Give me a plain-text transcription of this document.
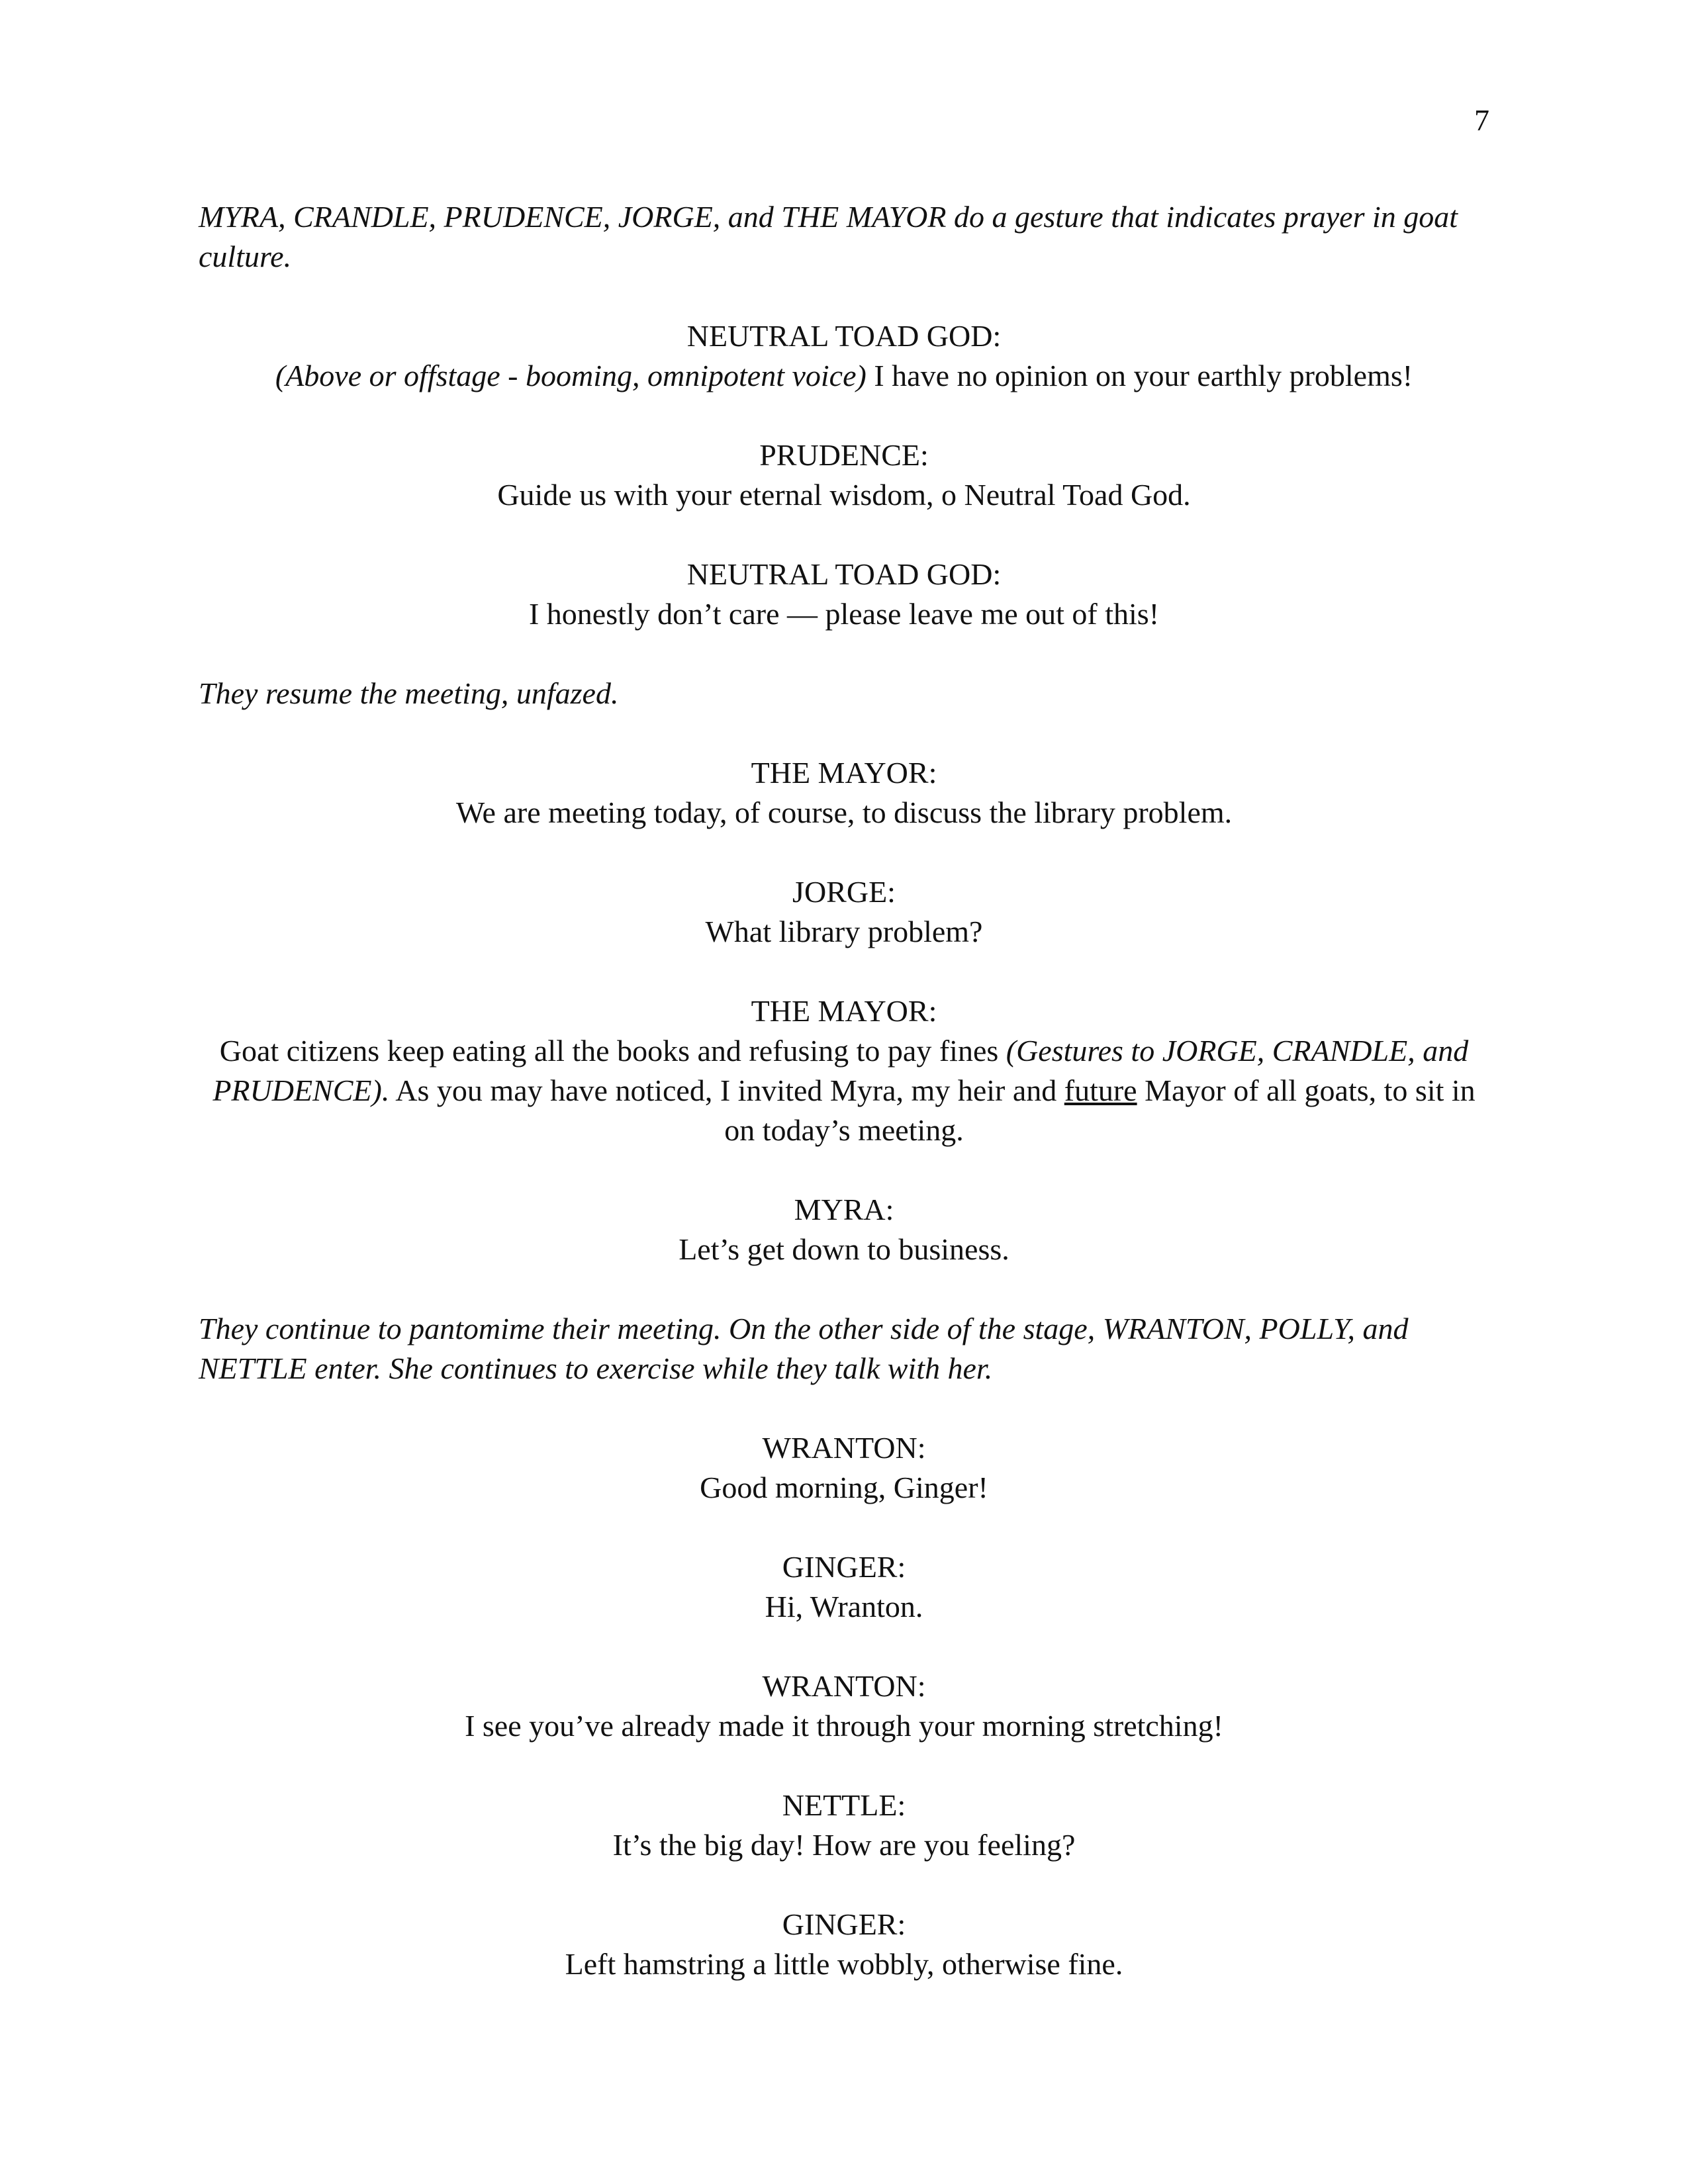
7

MYRA, CRANDLE, PRUDENCE, JORGE, and THE MAYOR do a gesture that indicates prayer in goat culture.

NEUTRAL TOAD GOD:
(Above or offstage - booming, omnipotent voice) I have no opinion on your earthly problems!
PRUDENCE:
Guide us with your eternal wisdom, o Neutral Toad God.
NEUTRAL TOAD GOD:
I honestly don’t care — please leave me out of this!

They resume the meeting, unfazed.

THE MAYOR:
We are meeting today, of course, to discuss the library problem.
JORGE:
What library problem?
THE MAYOR:
Goat citizens keep eating all the books and refusing to pay fines (Gestures to JORGE, CRANDLE, and PRUDENCE). As you may have noticed, I invited Myra, my heir and future Mayor of all goats, to sit in on today’s meeting.
MYRA:
Let’s get down to business.

They continue to pantomime their meeting. On the other side of the stage, WRANTON, POLLY, and NETTLE enter. She continues to exercise while they talk with her.

WRANTON:
Good morning, Ginger!
GINGER:
Hi, Wranton.
WRANTON:
I see you’ve already made it through your morning stretching!
NETTLE:
It’s the big day! How are you feeling?
GINGER:
Left hamstring a little wobbly, otherwise fine.
